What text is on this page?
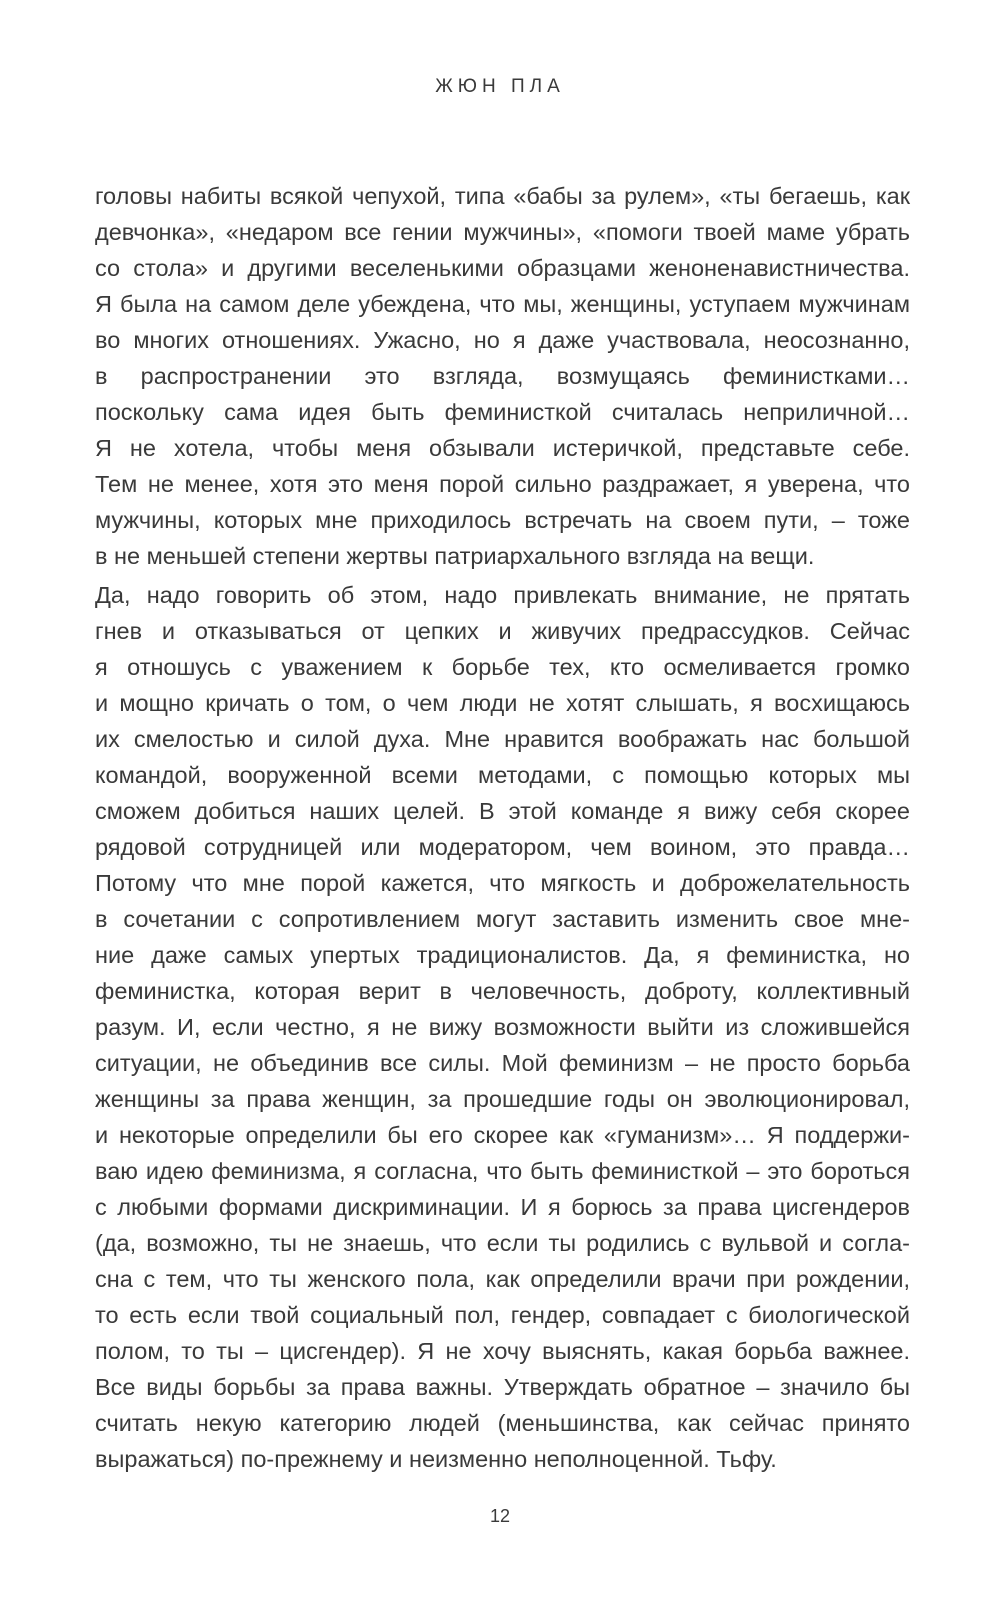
ЖЮН ПЛА
головы набиты всякой чепухой, типа «бабы за рулем», «ты бегаешь, как
девчонка», «недаром все гении мужчины», «помоги твоей маме убрать
со стола» и другими веселенькими образцами женоненавистничества.
Я была на самом деле убеждена, что мы, женщины, уступаем мужчинам
во многих отношениях. Ужасно, но я даже участвовала, неосознанно,
в распространении это взгляда, возмущаясь феминистками…
поскольку сама идея быть феминисткой считалась неприличной…
Я не хотела, чтобы меня обзывали истеричкой, представьте себе.
Тем не менее, хотя это меня порой сильно раздражает, я уверена, что
мужчины, которых мне приходилось встречать на своем пути, – тоже
в не меньшей степени жертвы патриархального взгляда на вещи.
Да, надо говорить об этом, надо привлекать внимание, не прятать
гнев и отказываться от цепких и живучих предрассудков. Сейчас
я отношусь с уважением к борьбе тех, кто осмеливается громко
и мощно кричать о том, о чем люди не хотят слышать, я восхищаюсь
их смелостью и силой духа. Мне нравится воображать нас большой
командой, вооруженной всеми методами, с помощью которых мы
сможем добиться наших целей. В этой команде я вижу себя скорее
рядовой сотрудницей или модератором, чем воином, это правда…
Потому что мне порой кажется, что мягкость и доброжелательность
в сочетании с сопротивлением могут заставить изменить свое мне-
ние даже самых упертых традиционалистов. Да, я феминистка, но
феминистка, которая верит в человечность, доброту, коллективный
разум. И, если честно, я не вижу возможности выйти из сложившейся
ситуации, не объединив все силы. Мой феминизм – не просто борьба
женщины за права женщин, за прошедшие годы он эволюционировал,
и некоторые определили бы его скорее как «гуманизм»… Я поддержи-
ваю идею феминизма, я согласна, что быть феминисткой – это бороться
с любыми формами дискриминации. И я борюсь за права цисгендеров
(да, возможно, ты не знаешь, что если ты родились с вульвой и согла-
сна с тем, что ты женского пола, как определили врачи при рождении,
то есть если твой социальный пол, гендер, совпадает с биологической
полом, то ты – цисгендер). Я не хочу выяснять, какая борьба важнее.
Все виды борьбы за права важны. Утверждать обратное – значило бы
считать некую категорию людей (меньшинства, как сейчас принято
выражаться) по-прежнему и неизменно неполноценной. Тьфу.
12
